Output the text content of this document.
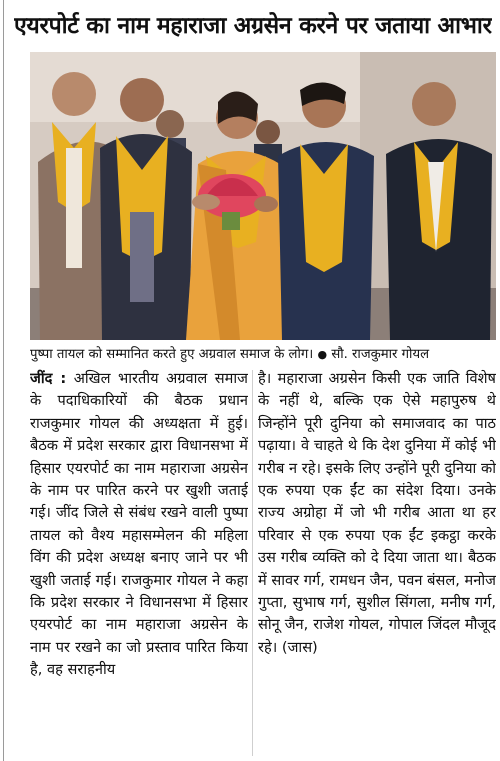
एयरपोर्ट का नाम महाराजा अग्रसेन करने पर जताया आभार
पुष्पा तायल को सम्मानित करते हुए अग्रवाल समाज के लोग। ● सौ. राजकुमार गोयल
जींद : अखिल भारतीय अग्रवाल समाज के पदाधिकारियों की बैठक प्रधान राजकुमार गोयल की अध्यक्षता में हुई। बैठक में प्रदेश सरकार द्वारा विधानसभा में हिसार एयरपोर्ट का नाम महाराजा अग्रसेन के नाम पर पारित करने पर खुशी जताई गई। जींद जिले से संबंध रखने वाली पुष्पा तायल को वैश्य महासम्मेलन की महिला विंग की प्रदेश अध्यक्ष बनाए जाने पर भी खुशी जताई गई। राजकुमार गोयल ने कहा कि प्रदेश सरकार ने विधानसभा में हिसार एयरपोर्ट का नाम महाराजा अग्रसेन के नाम पर रखने का जो प्रस्ताव पारित किया है, वह सराहनीय
है। महाराजा अग्रसेन किसी एक जाति विशेष के नहीं थे, बल्कि एक ऐसे महापुरुष थे जिन्होंने पूरी दुनिया को समाजवाद का पाठ पढ़ाया। वे चाहते थे कि देश दुनिया में कोई भी गरीब न रहे। इसके लिए उन्होंने पूरी दुनिया को एक रुपया एक ईंट का संदेश दिया। उनके राज्य अग्रोहा में जो भी गरीब आता था हर परिवार से एक रुपया एक ईंट इकट्ठा करके उस गरीब व्यक्ति को दे दिया जाता था। बैठक में सावर गर्ग, रामधन जैन, पवन बंसल, मनोज गुप्ता, सुभाष गर्ग, सुशील सिंगला, मनीष गर्ग, सोनू जैन, राजेश गोयल, गोपाल जिंदल मौजूद रहे। (जास)
